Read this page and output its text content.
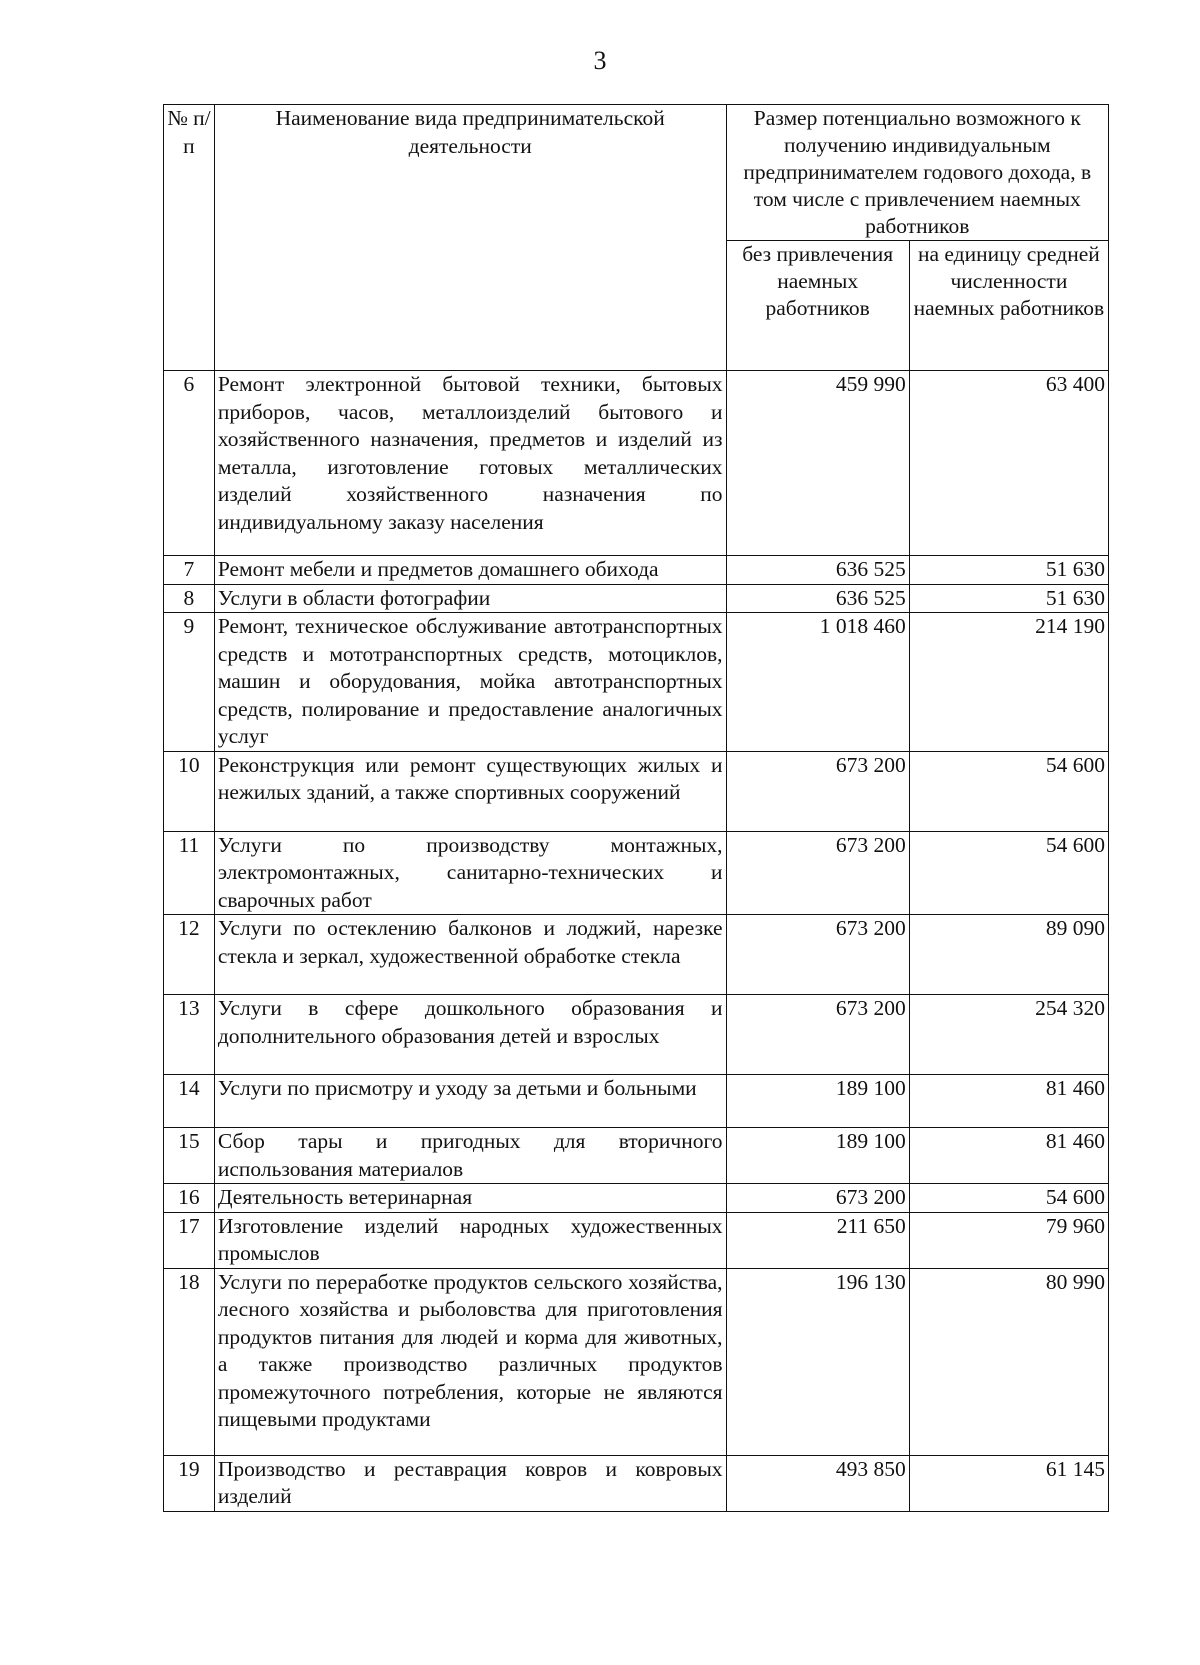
3
№ п/п	Наименование вида предпринимательской деятельности	Размер потенциально возможного к получению индивидуальным предпринимателем годового дохода, в том числе с привлечением наемных работников	
		без привлечения наемных работников	на единицу средней численности наемных работников
6	Ремонт электронной бытовой техники, бытовых приборов, часов, металлоизделий бытового и хозяйственного назначения, предметов и изделий из металла, изготовление готовых металлических изделий хозяйственного назначения по индивидуальному заказу населения	459 990	63 400
7	Ремонт мебели и предметов домашнего обихода	636 525	51 630
8	Услуги в области фотографии	636 525	51 630
9	Ремонт, техническое обслуживание автотранспортных средств и мототранспортных средств, мотоциклов, машин и оборудования, мойка автотранспортных средств, полирование и предоставление аналогичных услуг	1 018 460	214 190
10	Реконструкция или ремонт существующих жилых и нежилых зданий, а также спортивных сооружений	673 200	54 600
11	Услуги по производству монтажных, электромонтажных, санитарно-технических и сварочных работ	673 200	54 600
12	Услуги по остеклению балконов и лоджий, нарезке стекла и зеркал, художественной обработке стекла	673 200	89 090
13	Услуги в сфере дошкольного образования и дополнительного образования детей и взрослых	673 200	254 320
14	Услуги по присмотру и уходу за детьми и больными	189 100	81 460
15	Сбор тары и пригодных для вторичного использования материалов	189 100	81 460
16	Деятельность ветеринарная	673 200	54 600
17	Изготовление изделий народных художественных промыслов	211 650	79 960
18	Услуги по переработке продуктов сельского хозяйства, лесного хозяйства и рыболовства для приготовления продуктов питания для людей и корма для животных, а также производство различных продуктов промежуточного потребления, которые не являются пищевыми продуктами	196 130	80 990
19	Производство и реставрация ковров и ковровых изделий	493 850	61 145
